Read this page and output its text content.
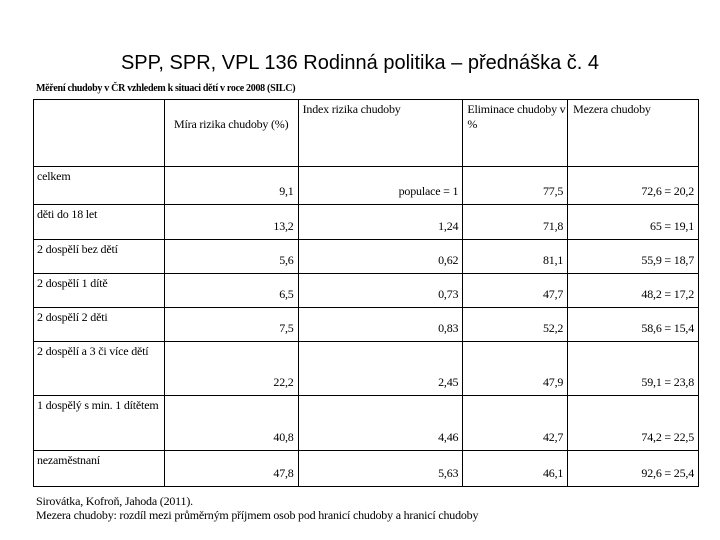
SPP, SPR, VPL 136 Rodinná politika – přednáška č. 4
Měření chudoby v ČR vzhledem k situaci dětí v roce 2008 (SILC)
	Míra rizika chudoby (%)	Index rizika chudoby	Eliminace chudoby v %	Mezera chudoby
celkem	9,1	populace = 1	77,5	72,6 = 20,2
děti do 18 let	13,2	1,24	71,8	65 = 19,1
2 dospělí bez dětí	5,6	0,62	81,1	55,9 = 18,7
2 dospělí 1 dítě	6,5	0,73	47,7	48,2 = 17,2
2 dospělí 2 děti	7,5	0,83	52,2	58,6 = 15,4
2 dospělí a 3 či více dětí	22,2	2,45	47,9	59,1 = 23,8
1 dospělý s min. 1 dítětem	40,8	4,46	42,7	74,2 = 22,5
nezaměstnaní	47,8	5,63	46,1	92,6 = 25,4
Sirovátka, Kofroň, Jahoda (2011).
Mezera chudoby: rozdíl mezi průměrným příjmem osob pod hranicí chudoby a hranicí chudoby
